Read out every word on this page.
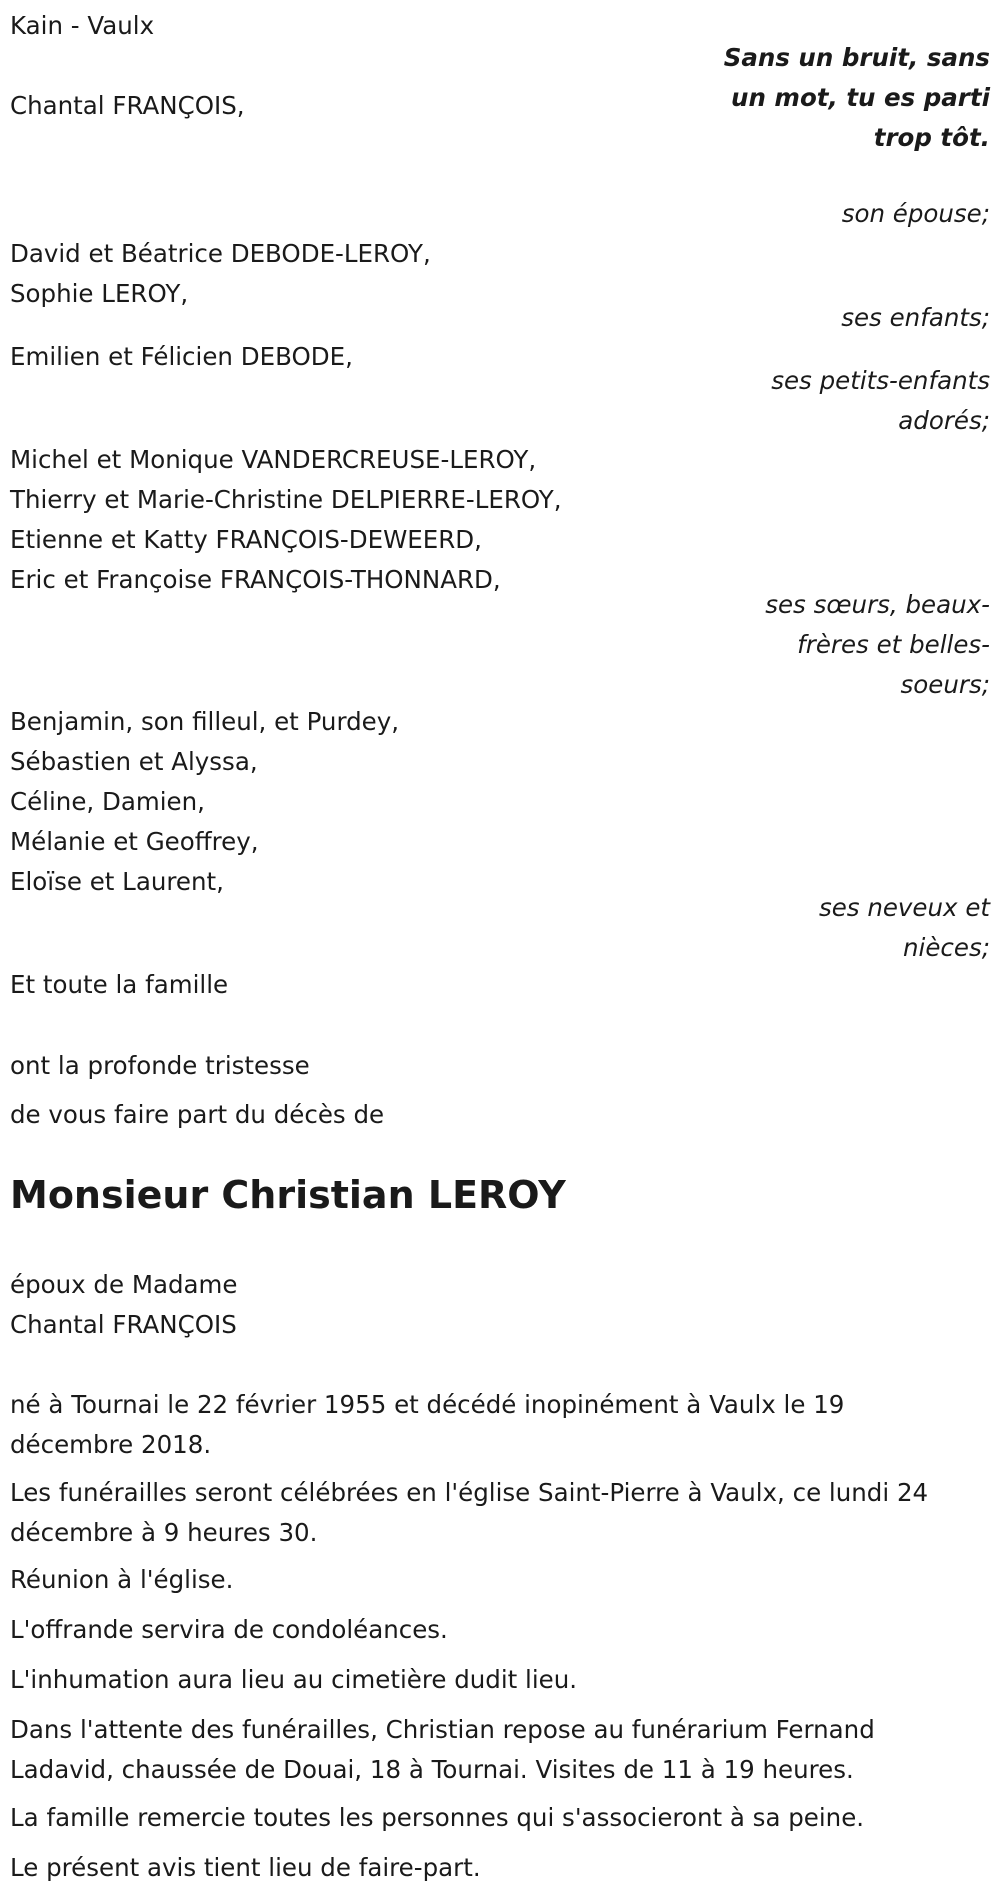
Kain - Vaulx

Sans un bruit, sans un mot, tu es parti trop tôt.

Chantal FRANÇOIS,

son épouse;

David et Béatrice DEBODE-LEROY,

Sophie LEROY,

ses enfants;

Emilien et Félicien DEBODE,

ses petits-enfants adorés;

Michel et Monique VANDERCREUSE-LEROY,

Thierry et Marie-Christine DELPIERRE-LEROY,

Etienne et Katty FRANÇOIS-DEWEERD,

Eric et Françoise FRANÇOIS-THONNARD,

ses sœurs, beaux-frères et belles-soeurs;

Benjamin, son filleul, et Purdey,

Sébastien et Alyssa,

Céline, Damien,

Mélanie et Geoffrey,

Eloïse et Laurent,

ses neveux et nièces;

Et toute la famille

ont la profonde tristesse

de vous faire part du décès de

Monsieur Christian LEROY

époux de Madame

Chantal FRANÇOIS

né à Tournai le 22 février 1955 et décédé inopinément à Vaulx le 19 décembre 2018.

Les funérailles seront célébrées en l'église Saint-Pierre à Vaulx, ce lundi 24 décembre à 9 heures 30.

Réunion à l'église.

L'offrande servira de condoléances.

L'inhumation aura lieu au cimetière dudit lieu.

Dans l'attente des funérailles, Christian repose au funérarium Fernand Ladavid, chaussée de Douai, 18 à Tournai. Visites de 11 à 19 heures.

La famille remercie toutes les personnes qui s'associeront à sa peine.

Le présent avis tient lieu de faire-part.
